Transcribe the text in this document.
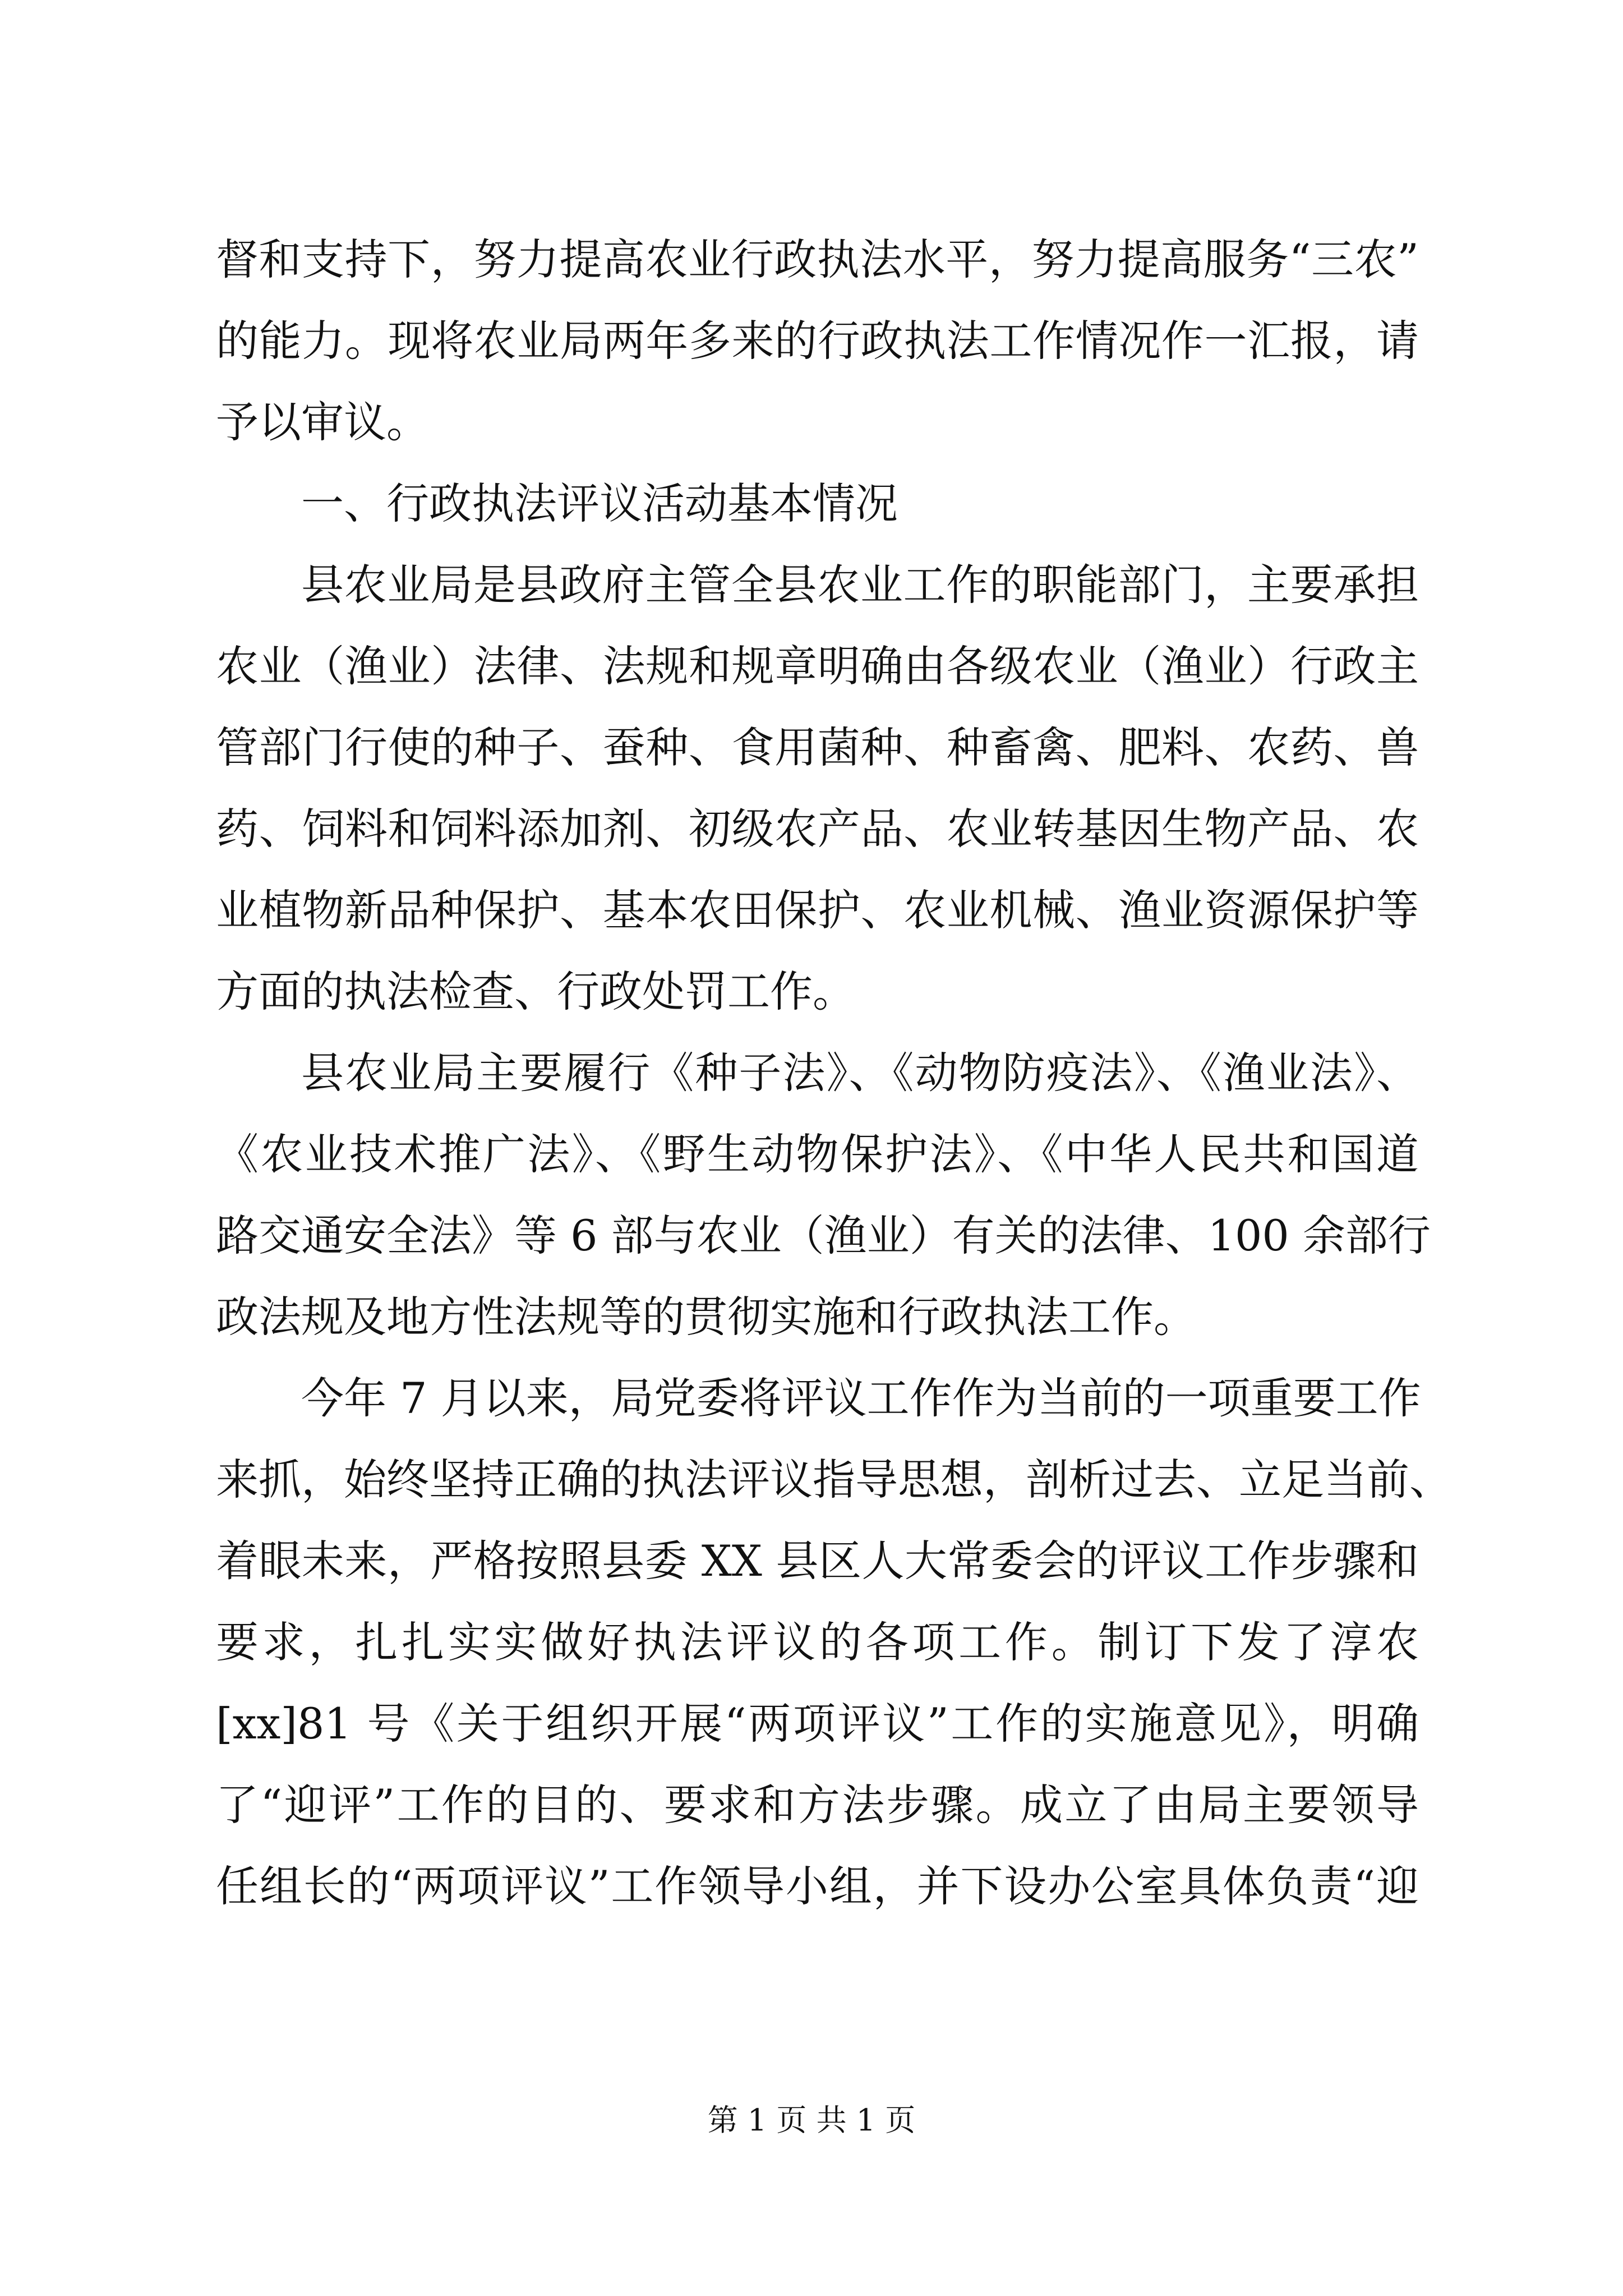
督和支持下，努力提高农业行政执法水平，努力提高服务“三农”
的能力。现将农业局两年多来的行政执法工作情况作一汇报，请
予以审议。
一、行政执法评议活动基本情况
县农业局是县政府主管全县农业工作的职能部门，主要承担
农业（渔业）法律、法规和规章明确由各级农业（渔业）行政主
管部门行使的种子、蚕种、食用菌种、种畜禽、肥料、农药、兽
药、饲料和饲料添加剂、初级农产品、农业转基因生物产品、农
业植物新品种保护、基本农田保护、农业机械、渔业资源保护等
方面的执法检查、行政处罚工作。
县农业局主要履行《种子法》、《动物防疫法》、《渔业法》、
《农业技术推广法》、《野生动物保护法》、《中华人民共和国道
路交通安全法》等 6 部与农业（渔业）有关的法律、100 余部行
政法规及地方性法规等的贯彻实施和行政执法工作。
今年 7 月以来，局党委将评议工作作为当前的一项重要工作
来抓，始终坚持正确的执法评议指导思想，剖析过去、立足当前、
着眼未来，严格按照县委 XX 县区人大常委会的评议工作步骤和
要求，扎扎实实做好执法评议的各项工作。制订下发了淳农
[xx]81 号《关于组织开展“两项评议”工作的实施意见》，明确
了“迎评”工作的目的、要求和方法步骤。成立了由局主要领导
任组长的“两项评议”工作领导小组，并下设办公室具体负责“迎
第 1 页 共 1 页
